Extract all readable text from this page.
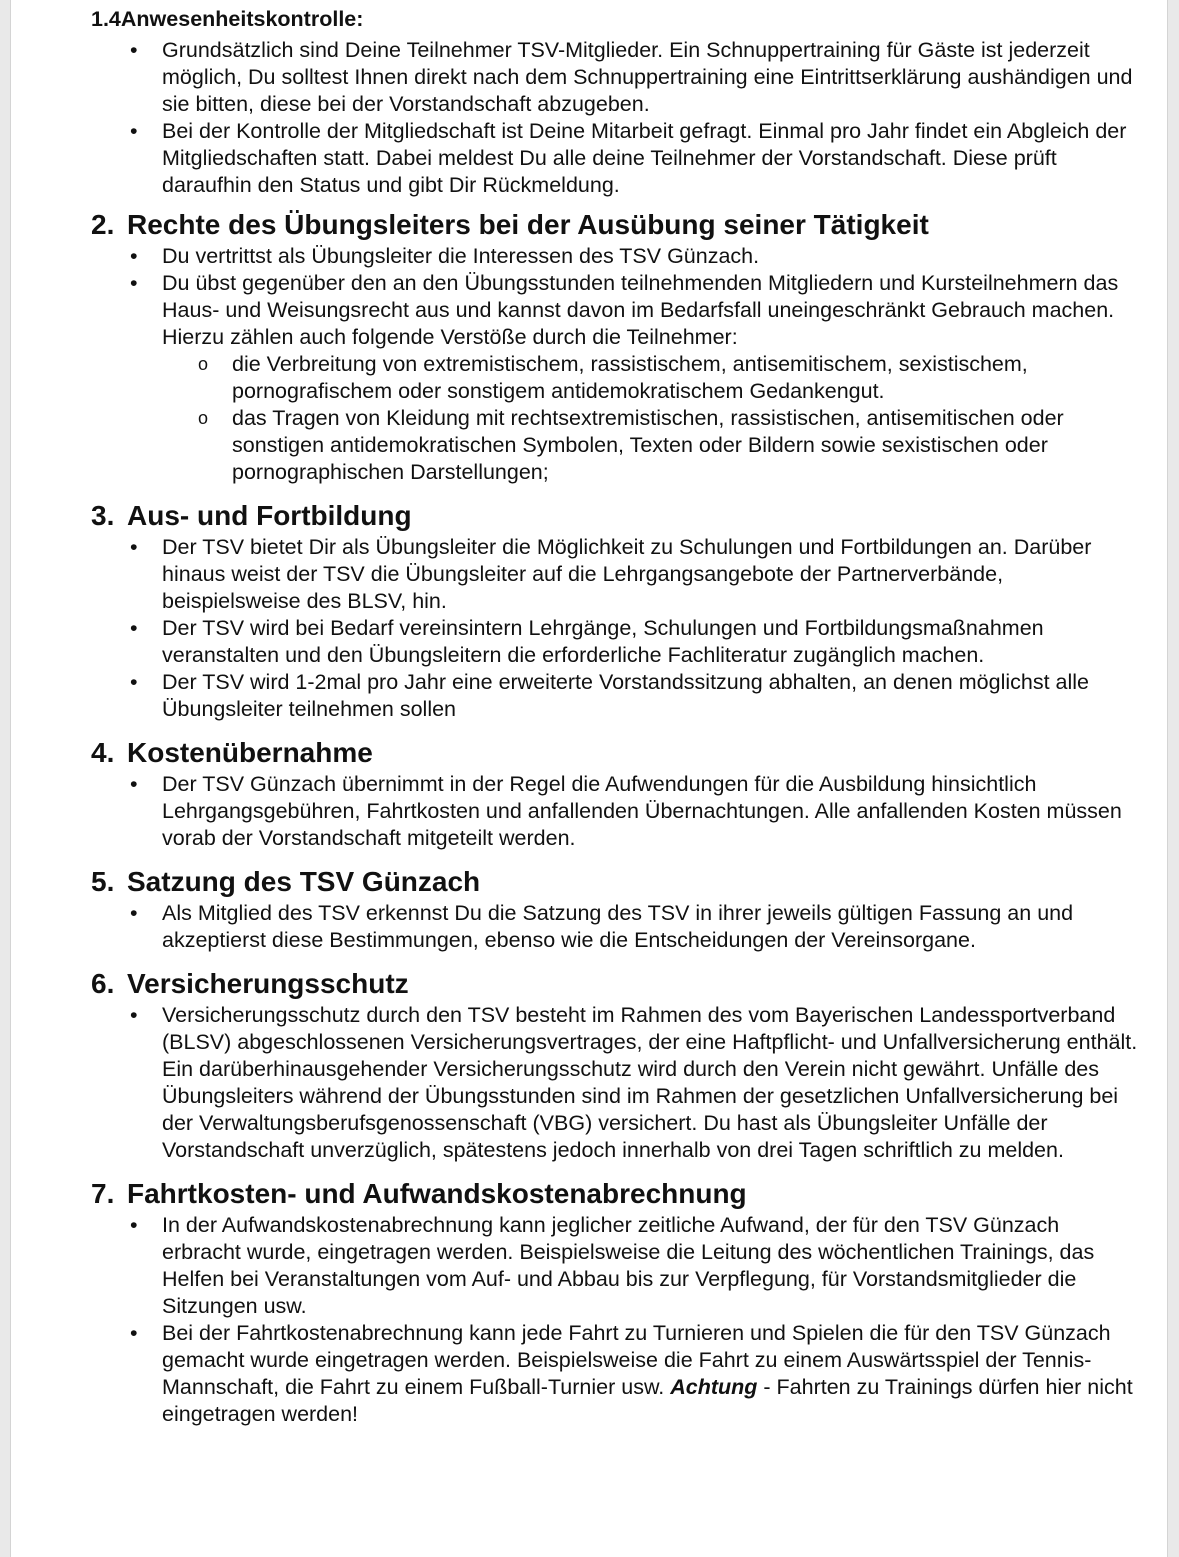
1.4Anwesenheitskontrolle:
• Grundsätzlich sind Deine Teilnehmer TSV-Mitglieder. Ein Schnuppertraining für Gäste ist jederzeit möglich, Du solltest Ihnen direkt nach dem Schnuppertraining eine Eintrittserklärung aushändigen und sie bitten, diese bei der Vorstandschaft abzugeben.
• Bei der Kontrolle der Mitgliedschaft ist Deine Mitarbeit gefragt. Einmal pro Jahr findet ein Abgleich der Mitgliedschaften statt. Dabei meldest Du alle deine Teilnehmer der Vorstandschaft. Diese prüft daraufhin den Status und gibt Dir Rückmeldung.
2. Rechte des Übungsleiters bei der Ausübung seiner Tätigkeit
• Du vertrittst als Übungsleiter die Interessen des TSV Günzach.
• Du übst gegenüber den an den Übungsstunden teilnehmenden Mitgliedern und Kursteilnehmern das Haus- und Weisungsrecht aus und kannst davon im Bedarfsfall uneingeschränkt Gebrauch machen. Hierzu zählen auch folgende Verstöße durch die Teilnehmer:
o die Verbreitung von extremistischem, rassistischem, antisemitischem, sexistischem, pornografischem oder sonstigem antidemokratischem Gedankengut.
o das Tragen von Kleidung mit rechtsextremistischen, rassistischen, antisemitischen oder sonstigen antidemokratischen Symbolen, Texten oder Bildern sowie sexistischen oder pornographischen Darstellungen;
3. Aus- und Fortbildung
• Der TSV bietet Dir als Übungsleiter die Möglichkeit zu Schulungen und Fortbildungen an. Darüber hinaus weist der TSV die Übungsleiter auf die Lehrgangsangebote der Partnerverbände, beispielsweise des BLSV, hin.
• Der TSV wird bei Bedarf vereinsintern Lehrgänge, Schulungen und Fortbildungsmaßnahmen veranstalten und den Übungsleitern die erforderliche Fachliteratur zugänglich machen.
• Der TSV wird 1-2mal pro Jahr eine erweiterte Vorstandssitzung abhalten, an denen möglichst alle Übungsleiter teilnehmen sollen
4. Kostenübernahme
• Der TSV Günzach übernimmt in der Regel die Aufwendungen für die Ausbildung hinsichtlich Lehrgangsgebühren, Fahrtkosten und anfallenden Übernachtungen. Alle anfallenden Kosten müssen vorab der Vorstandschaft mitgeteilt werden.
5. Satzung des TSV Günzach
• Als Mitglied des TSV erkennst Du die Satzung des TSV in ihrer jeweils gültigen Fassung an und akzeptierst diese Bestimmungen, ebenso wie die Entscheidungen der Vereinsorgane.
6. Versicherungsschutz
• Versicherungsschutz durch den TSV besteht im Rahmen des vom Bayerischen Landessportverband (BLSV) abgeschlossenen Versicherungsvertrages, der eine Haftpflicht- und Unfallversicherung enthält. Ein darüberhinausgehender Versicherungsschutz wird durch den Verein nicht gewährt. Unfälle des Übungsleiters während der Übungsstunden sind im Rahmen der gesetzlichen Unfallversicherung bei der Verwaltungsberufsgenossenschaft (VBG) versichert. Du hast als Übungsleiter Unfälle der Vorstandschaft unverzüglich, spätestens jedoch innerhalb von drei Tagen schriftlich zu melden.
7. Fahrtkosten- und Aufwandskostenabrechnung
• In der Aufwandskostenabrechnung kann jeglicher zeitliche Aufwand, der für den TSV Günzach erbracht wurde, eingetragen werden. Beispielsweise die Leitung des wöchentlichen Trainings, das Helfen bei Veranstaltungen vom Auf- und Abbau bis zur Verpflegung, für Vorstandsmitglieder die Sitzungen usw.
• Bei der Fahrtkostenabrechnung kann jede Fahrt zu Turnieren und Spielen die für den TSV Günzach gemacht wurde eingetragen werden. Beispielsweise die Fahrt zu einem Auswärtsspiel der Tennis-Mannschaft, die Fahrt zu einem Fußball-Turnier usw. Achtung - Fahrten zu Trainings dürfen hier nicht eingetragen werden!
